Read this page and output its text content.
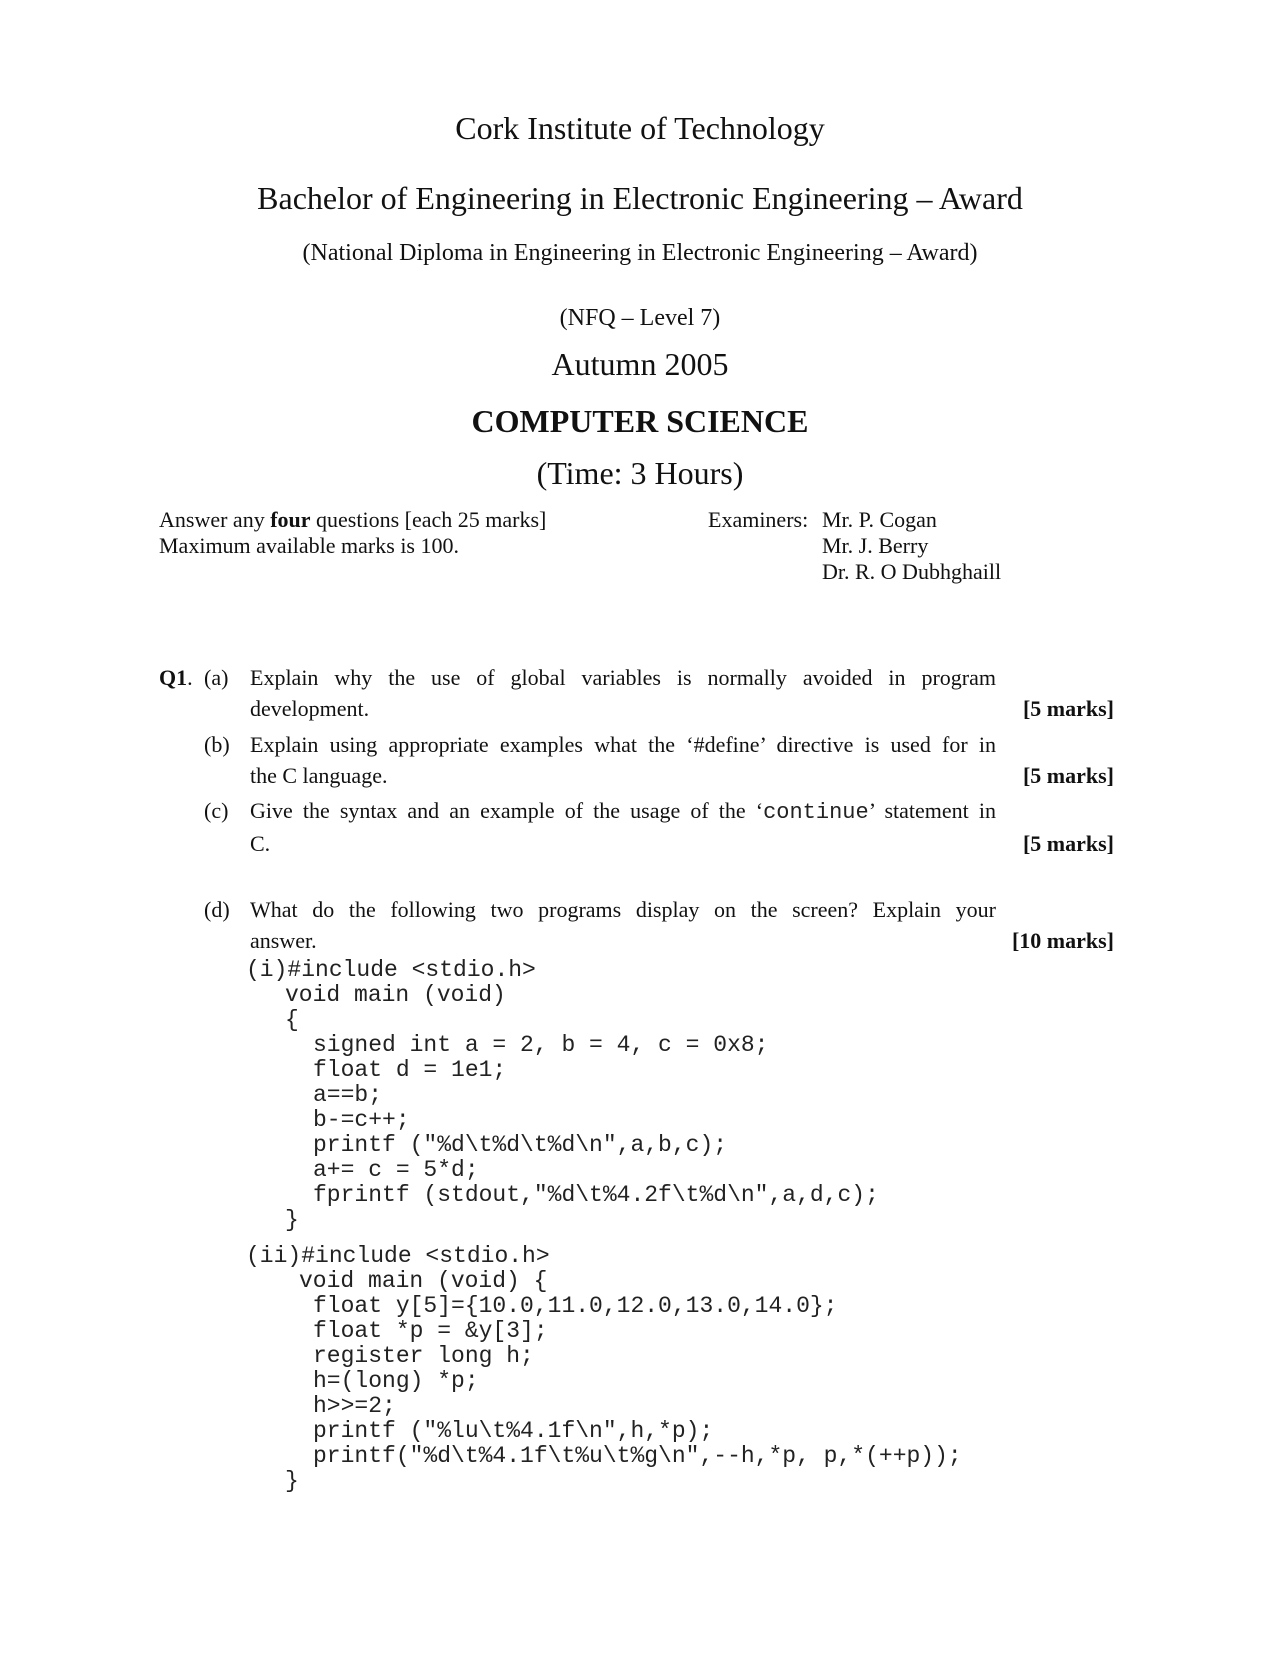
Cork Institute of Technology
Bachelor of Engineering in Electronic Engineering – Award
(National Diploma in Engineering in Electronic Engineering – Award)
(NFQ – Level 7)
Autumn 2005
COMPUTER SCIENCE
(Time: 3 Hours)
Answer any four questions [each 25 marks]
Maximum available marks is 100.
Examiners: Mr. P. Cogan
Mr. J. Berry
Dr. R. O Dubhghaill
Q1. (a) Explain why the use of global variables is normally avoided in program
development.	[5 marks]
(b) Explain using appropriate examples what the ‘#define’ directive is used for in
the C language.	[5 marks]
(c) Give the syntax and an example of the usage of the ‘continue’ statement in
C.	[5 marks]
(d) What do the following two programs display on the screen? Explain your
answer.	[10 marks]
(i)#include <stdio.h>
void main (void)
{
signed int a = 2, b = 4, c = 0x8;
float d = 1e1;
a==b;
b-=c++;
printf ("%d\t%d\t%d\n",a,b,c);
a+= c = 5*d;
fprintf (stdout,"%d\t%4.2f\t%d\n",a,d,c);
}
(ii)#include <stdio.h>
void main (void) {
float y[5]={10.0,11.0,12.0,13.0,14.0};
float *p = &y[3];
register long h;
h=(long) *p;
h>>=2;
printf ("%lu\t%4.1f\n",h,*p);
printf("%d\t%4.1f\t%u\t%g\n",--h,*p, p,*(++p));
}
